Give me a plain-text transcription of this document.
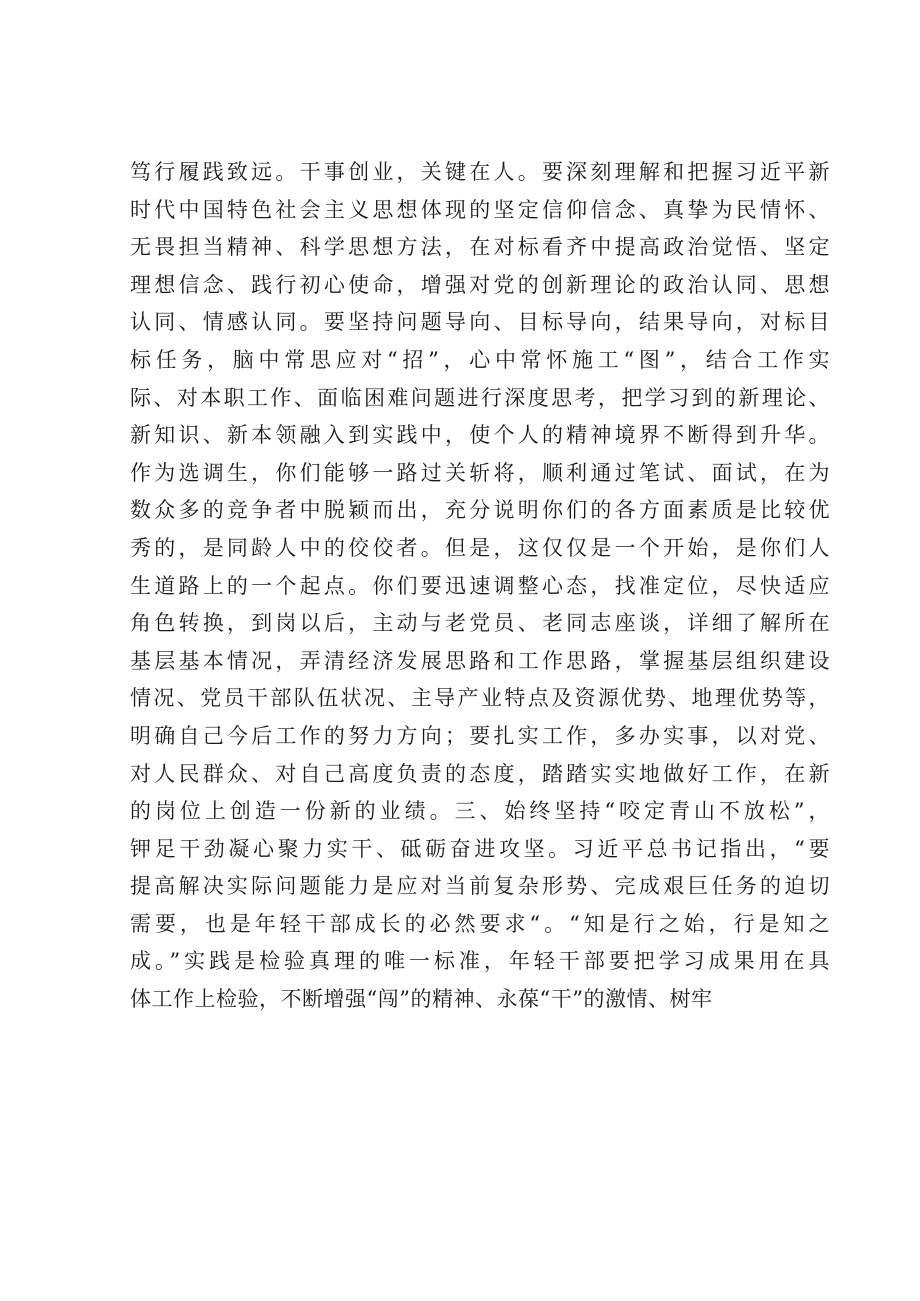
笃行履践致远。干事创业，关键在人。要深刻理解和把握习近平新
时代中国特色社会主义思想体现的坚定信仰信念、真挚为民情怀、
无畏担当精神、科学思想方法，在对标看齐中提高政治觉悟、坚定
理想信念、践行初心使命，增强对党的创新理论的政治认同、思想
认同、情感认同。要坚持问题导向、目标导向，结果导向，对标目
标任务，脑中常思应对“招”，心中常怀施工“图”，结合工作实
际、对本职工作、面临困难问题进行深度思考，把学习到的新理论、
新知识、新本领融入到实践中，使个人的精神境界不断得到升华。
作为选调生，你们能够一路过关斩将，顺利通过笔试、面试，在为
数众多的竞争者中脱颖而出，充分说明你们的各方面素质是比较优
秀的，是同龄人中的佼佼者。但是，这仅仅是一个开始，是你们人
生道路上的一个起点。你们要迅速调整心态，找准定位，尽快适应
角色转换，到岗以后，主动与老党员、老同志座谈，详细了解所在
基层基本情况，弄清经济发展思路和工作思路，掌握基层组织建设
情况、党员干部队伍状况、主导产业特点及资源优势、地理优势等，
明确自己今后工作的努力方向；要扎实工作，多办实事，以对党、
对人民群众、对自己高度负责的态度，踏踏实实地做好工作，在新
的岗位上创造一份新的业绩。三、始终坚持“咬定青山不放松”，
钾足干劲凝心聚力实干、砥砺奋进攻坚。习近平总书记指出，“要
提高解决实际问题能力是应对当前复杂形势、完成艰巨任务的迫切
需要，也是年轻干部成长的必然要求“。“知是行之始，行是知之
成。”实践是检验真理的唯一标准，年轻干部要把学习成果用在具
体工作上检验，不断增强“闯”的精神、永葆“干”的激情、树牢
